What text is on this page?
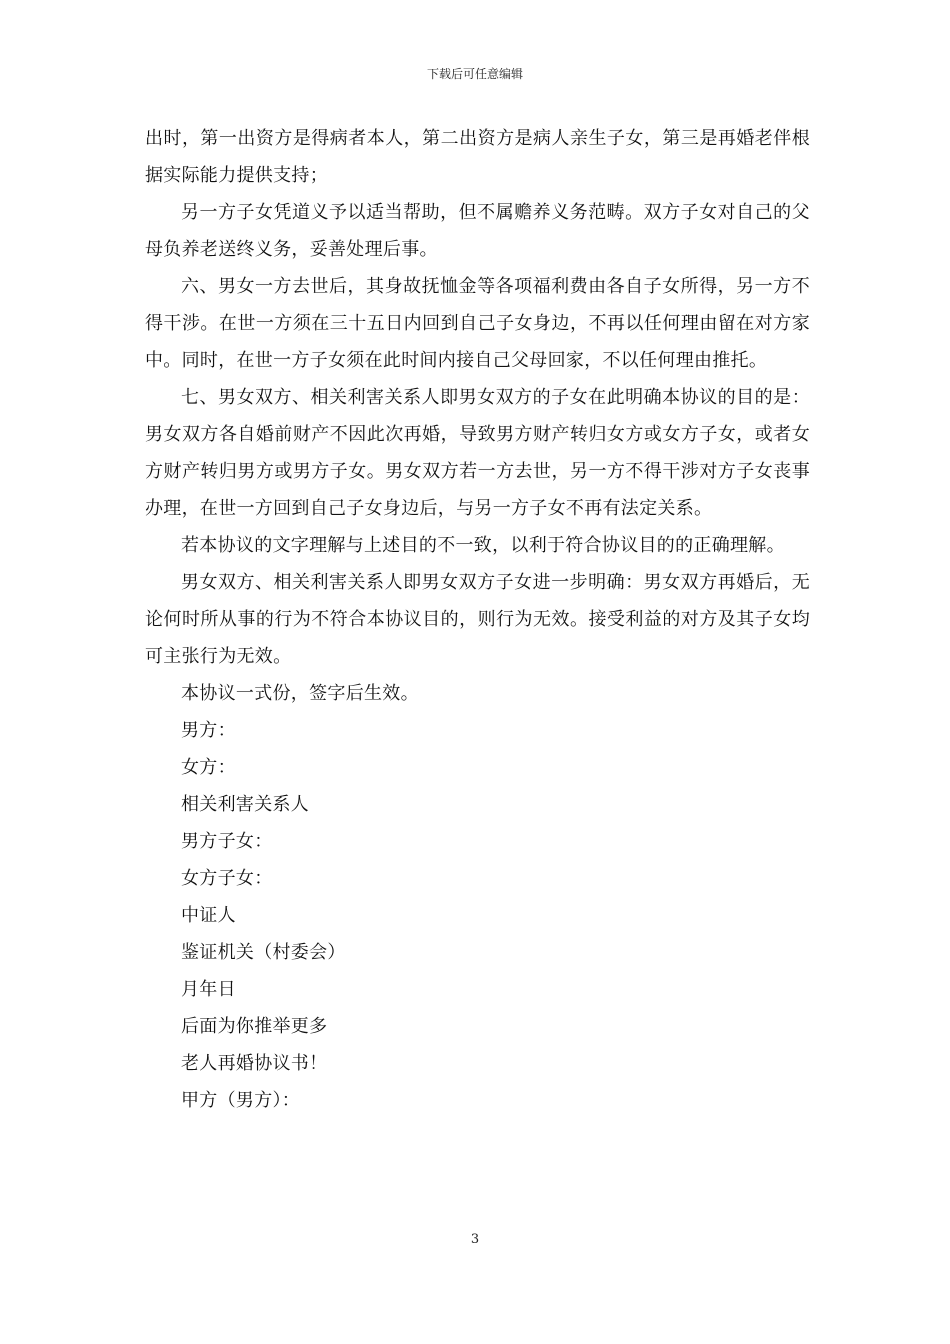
下载后可任意编辑

出时，第一出资方是得病者本人，第二出资方是病人亲生子女，第三是再婚老伴根据实际能力提供支持；

另一方子女凭道义予以适当帮助，但不属赡养义务范畴。双方子女对自己的父母负养老送终义务，妥善处理后事。

六、男女一方去世后，其身故抚恤金等各项福利费由各自子女所得，另一方不得干涉。在世一方须在三十五日内回到自己子女身边，不再以任何理由留在对方家中。同时，在世一方子女须在此时间内接自己父母回家，不以任何理由推托。

七、男女双方、相关利害关系人即男女双方的子女在此明确本协议的目的是：男女双方各自婚前财产不因此次再婚，导致男方财产转归女方或女方子女，或者女方财产转归男方或男方子女。男女双方若一方去世，另一方不得干涉对方子女丧事办理，在世一方回到自己子女身边后，与另一方子女不再有法定关系。

若本协议的文字理解与上述目的不一致，以利于符合协议目的的正确理解。

男女双方、相关利害关系人即男女双方子女进一步明确：男女双方再婚后，无论何时所从事的行为不符合本协议目的，则行为无效。接受利益的对方及其子女均可主张行为无效。

本协议一式份，签字后生效。

男方：

女方：

相关利害关系人

男方子女：

女方子女：

中证人

鉴证机关（村委会）

月年日

后面为你推举更多

老人再婚协议书！

甲方（男方）：

3
